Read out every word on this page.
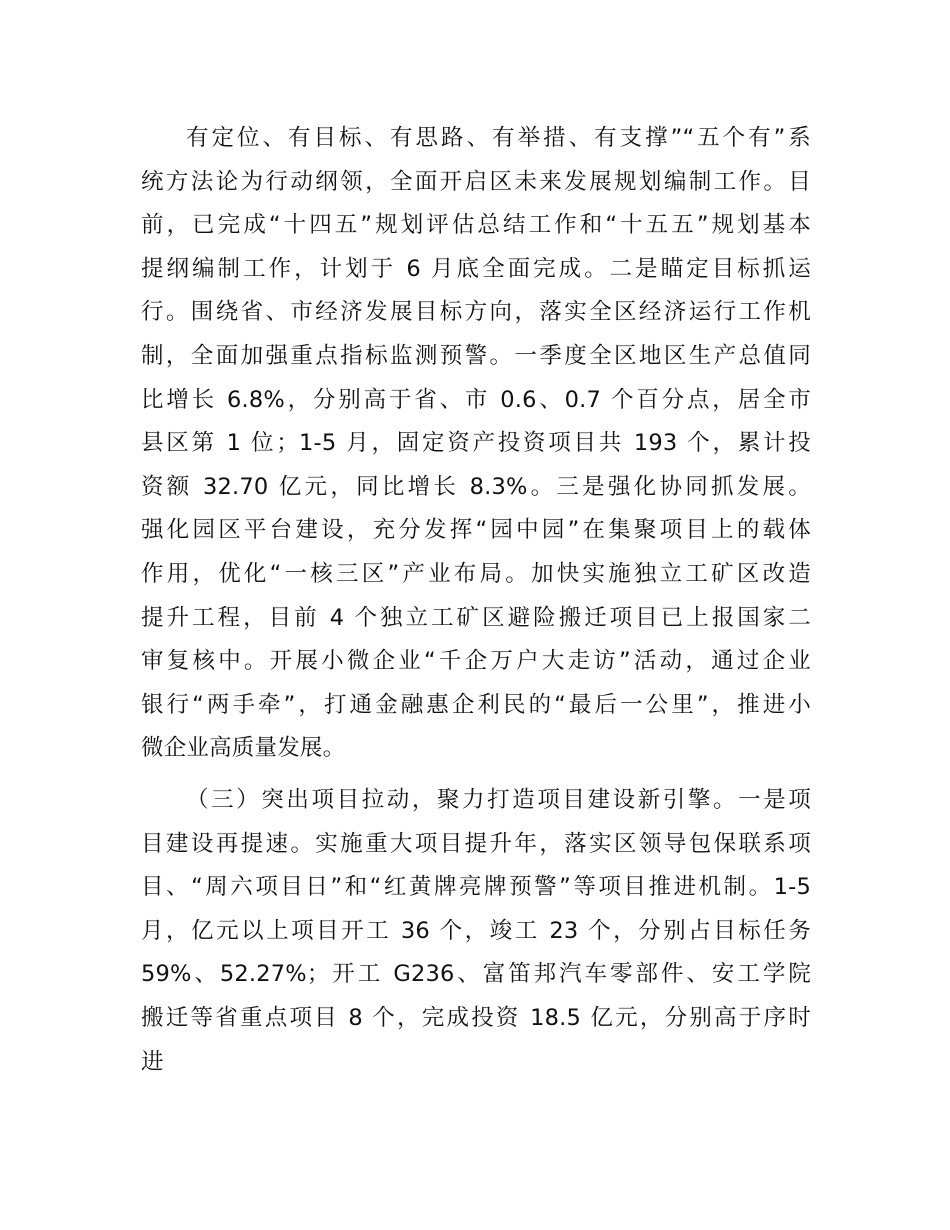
有定位、有目标、有思路、有举措、有支撑”“五个有”系
统方法论为行动纲领，全面开启区未来发展规划编制工作。目
前，已完成“十四五”规划评估总结工作和“十五五”规划基本
提纲编制工作，计划于 6 月底全面完成。二是瞄定目标抓运
行。围绕省、市经济发展目标方向，落实全区经济运行工作机
制，全面加强重点指标监测预警。一季度全区地区生产总值同
比增长 6.8%，分别高于省、市 0.6、0.7 个百分点，居全市
县区第 1 位；1-5 月，固定资产投资项目共 193 个，累计投
资额 32.70 亿元，同比增长 8.3%。三是强化协同抓发展。
强化园区平台建设，充分发挥“园中园”在集聚项目上的载体
作用，优化“一核三区”产业布局。加快实施独立工矿区改造
提升工程，目前 4 个独立工矿区避险搬迁项目已上报国家二
审复核中。开展小微企业“千企万户大走访”活动，通过企业
银行“两手牵”，打通金融惠企利民的“最后一公里”，推进小
微企业高质量发展。

（三）突出项目拉动，聚力打造项目建设新引擎。一是项
目建设再提速。实施重大项目提升年，落实区领导包保联系项
目、“周六项目日”和“红黄牌亮牌预警”等项目推进机制。1-5
月，亿元以上项目开工 36 个，竣工 23 个，分别占目标任务
59%、52.27%；开工 G236、富笛邦汽车零部件、安工学院
搬迁等省重点项目 8 个，完成投资 18.5 亿元，分别高于序时
进
